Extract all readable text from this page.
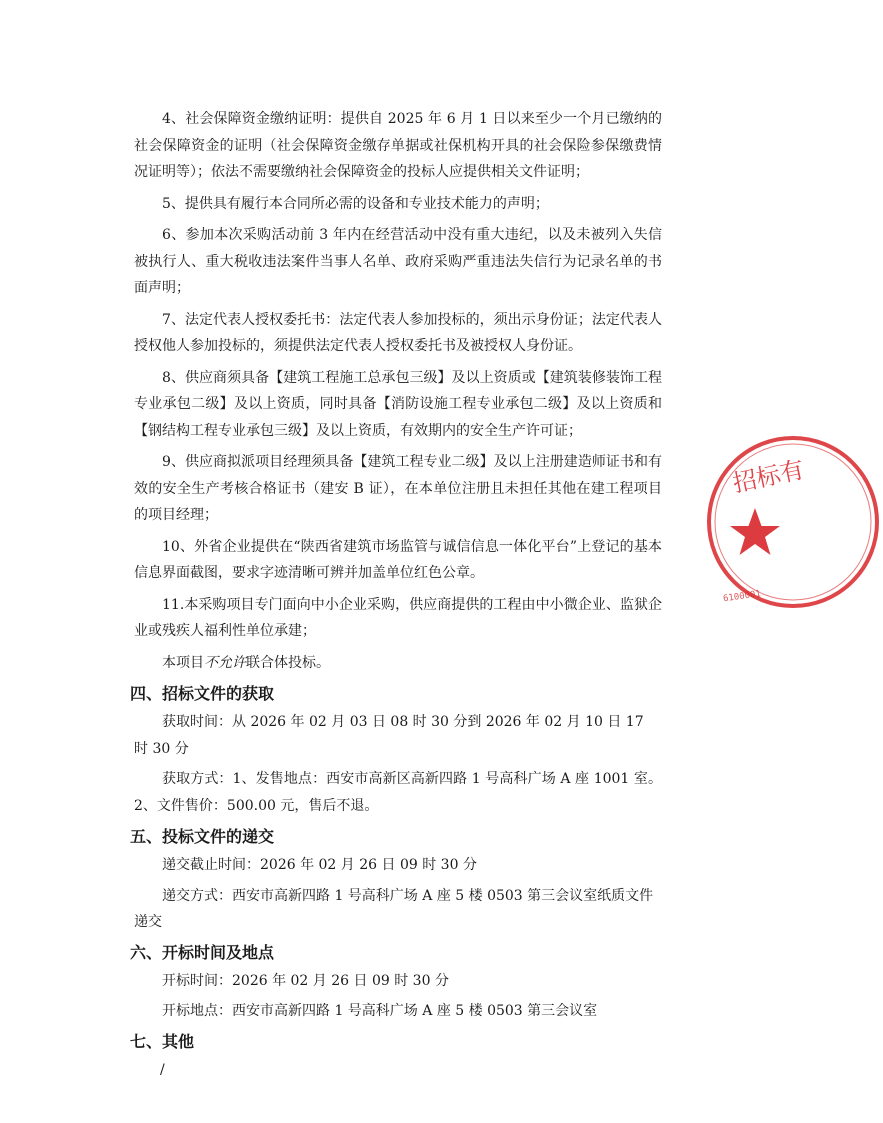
4、社会保障资金缴纳证明：提供自 2025 年 6 月 1 日以来至少一个月已缴纳的社会保障资金的证明（社会保障资金缴存单据或社保机构开具的社会保险参保缴费情况证明等）；依法不需要缴纳社会保障资金的投标人应提供相关文件证明；

5、提供具有履行本合同所必需的设备和专业技术能力的声明；

6、参加本次采购活动前 3 年内在经营活动中没有重大违纪，以及未被列入失信被执行人、重大税收违法案件当事人名单、政府采购严重违法失信行为记录名单的书面声明；

7、法定代表人授权委托书：法定代表人参加投标的，须出示身份证；法定代表人授权他人参加投标的，须提供法定代表人授权委托书及被授权人身份证。

8、供应商须具备【建筑工程施工总承包三级】及以上资质或【建筑装修装饰工程专业承包二级】及以上资质，同时具备【消防设施工程专业承包二级】及以上资质和【钢结构工程专业承包三级】及以上资质，有效期内的安全生产许可证；

9、供应商拟派项目经理须具备【建筑工程专业二级】及以上注册建造师证书和有效的安全生产考核合格证书（建安 B 证），在本单位注册且未担任其他在建工程项目的项目经理；

10、外省企业提供在“陕西省建筑市场监管与诚信信息一体化平台”上登记的基本信息界面截图，要求字迹清晰可辨并加盖单位红色公章。

11.本采购项目专门面向中小企业采购，供应商提供的工程由中小微企业、监狱企业或残疾人福利性单位承建；

本项目不允许联合体投标。

四、招标文件的获取

获取时间：从 2026 年 02 月 03 日 08 时 30 分到 2026 年 02 月 10 日 17 时 30 分

获取方式：1、发售地点：西安市高新区高新四路 1 号高科广场 A 座 1001 室。2、文件售价：500.00 元，售后不退。

五、投标文件的递交

递交截止时间：2026 年 02 月 26 日 09 时 30 分

递交方式：西安市高新四路 1 号高科广场 A 座 5 楼 0503 第三会议室纸质文件递交

六、开标时间及地点

开标时间：2026 年 02 月 26 日 09 时 30 分

开标地点：西安市高新四路 1 号高科广场 A 座 5 楼 0503 第三会议室

七、其他

/

招标有
6100001
